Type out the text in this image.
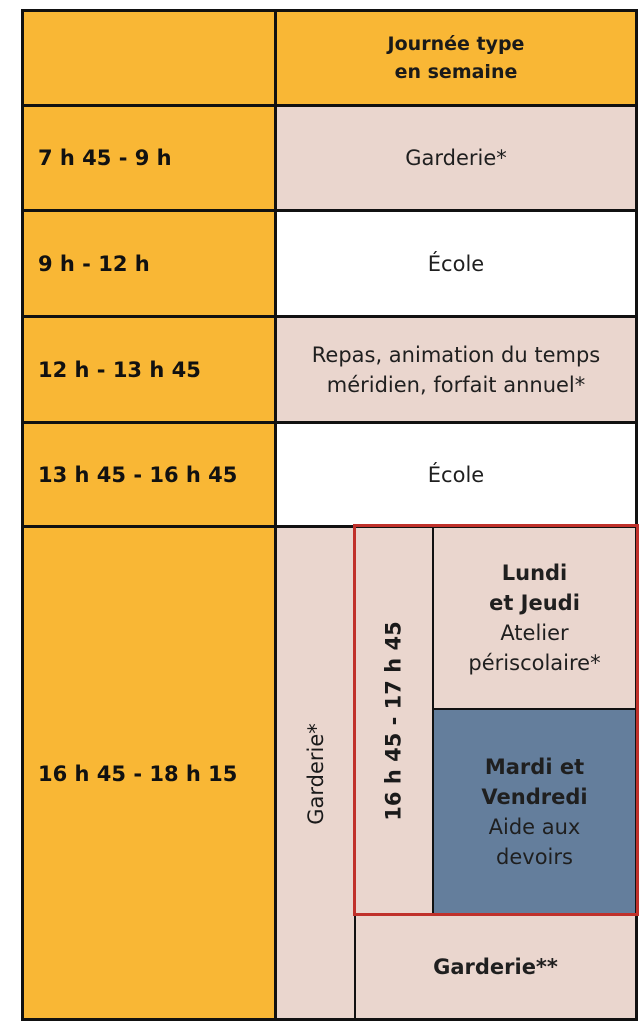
7 h 45 - 9 h
9 h - 12 h
12 h - 13 h 45
13 h 45 - 16 h 45
16 h 45 - 18 h 15
Journée type
en semaine
Garderie*
École
Repas, animation du temps
méridien, forfait annuel*
École
Garderie*	16 h 45 - 17 h 45
Lundi
et Jeudi
Atelier
périscolaire*
Mardi et
Vendredi
Aide aux
devoirs
Garderie**
